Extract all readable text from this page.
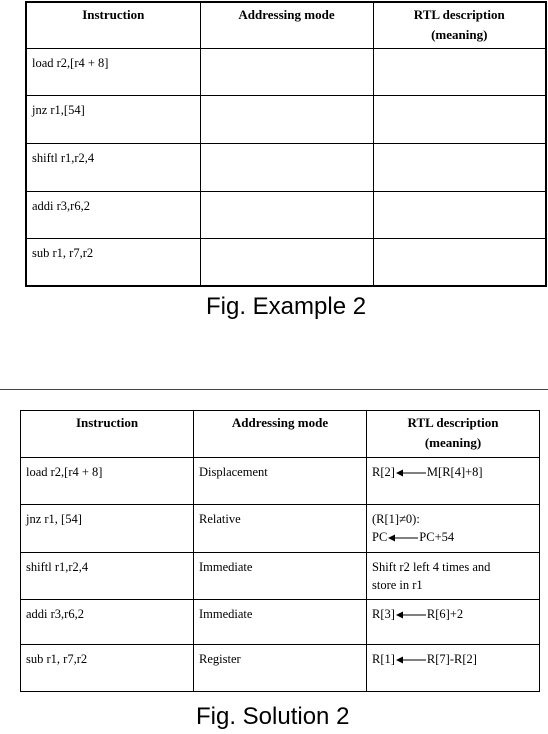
Instruction	Addressing mode	RTL description
(meaning)

load r2,[r4 + 8]		
jnz r1,[54]		
shiftl r1,r2,4		
addi r3,r6,2		
sub r1, r7,r2		
Fig. Example 2
Instruction	Addressing mode	RTL description
(meaning)

load r2,[r4 + 8]	Displacement	R[2] M[R[4]+8]

jnz r1, [54]	Relative	(R[1]≠0):
PC PC+54

shiftl r1,r2,4	Immediate	Shift r2 left 4 times and
store in r1

addi r3,r6,2	Immediate	R[3] R[6]+2

sub r1, r7,r2	Register	R[1] R[7]-R[2]
Fig. Solution 2
